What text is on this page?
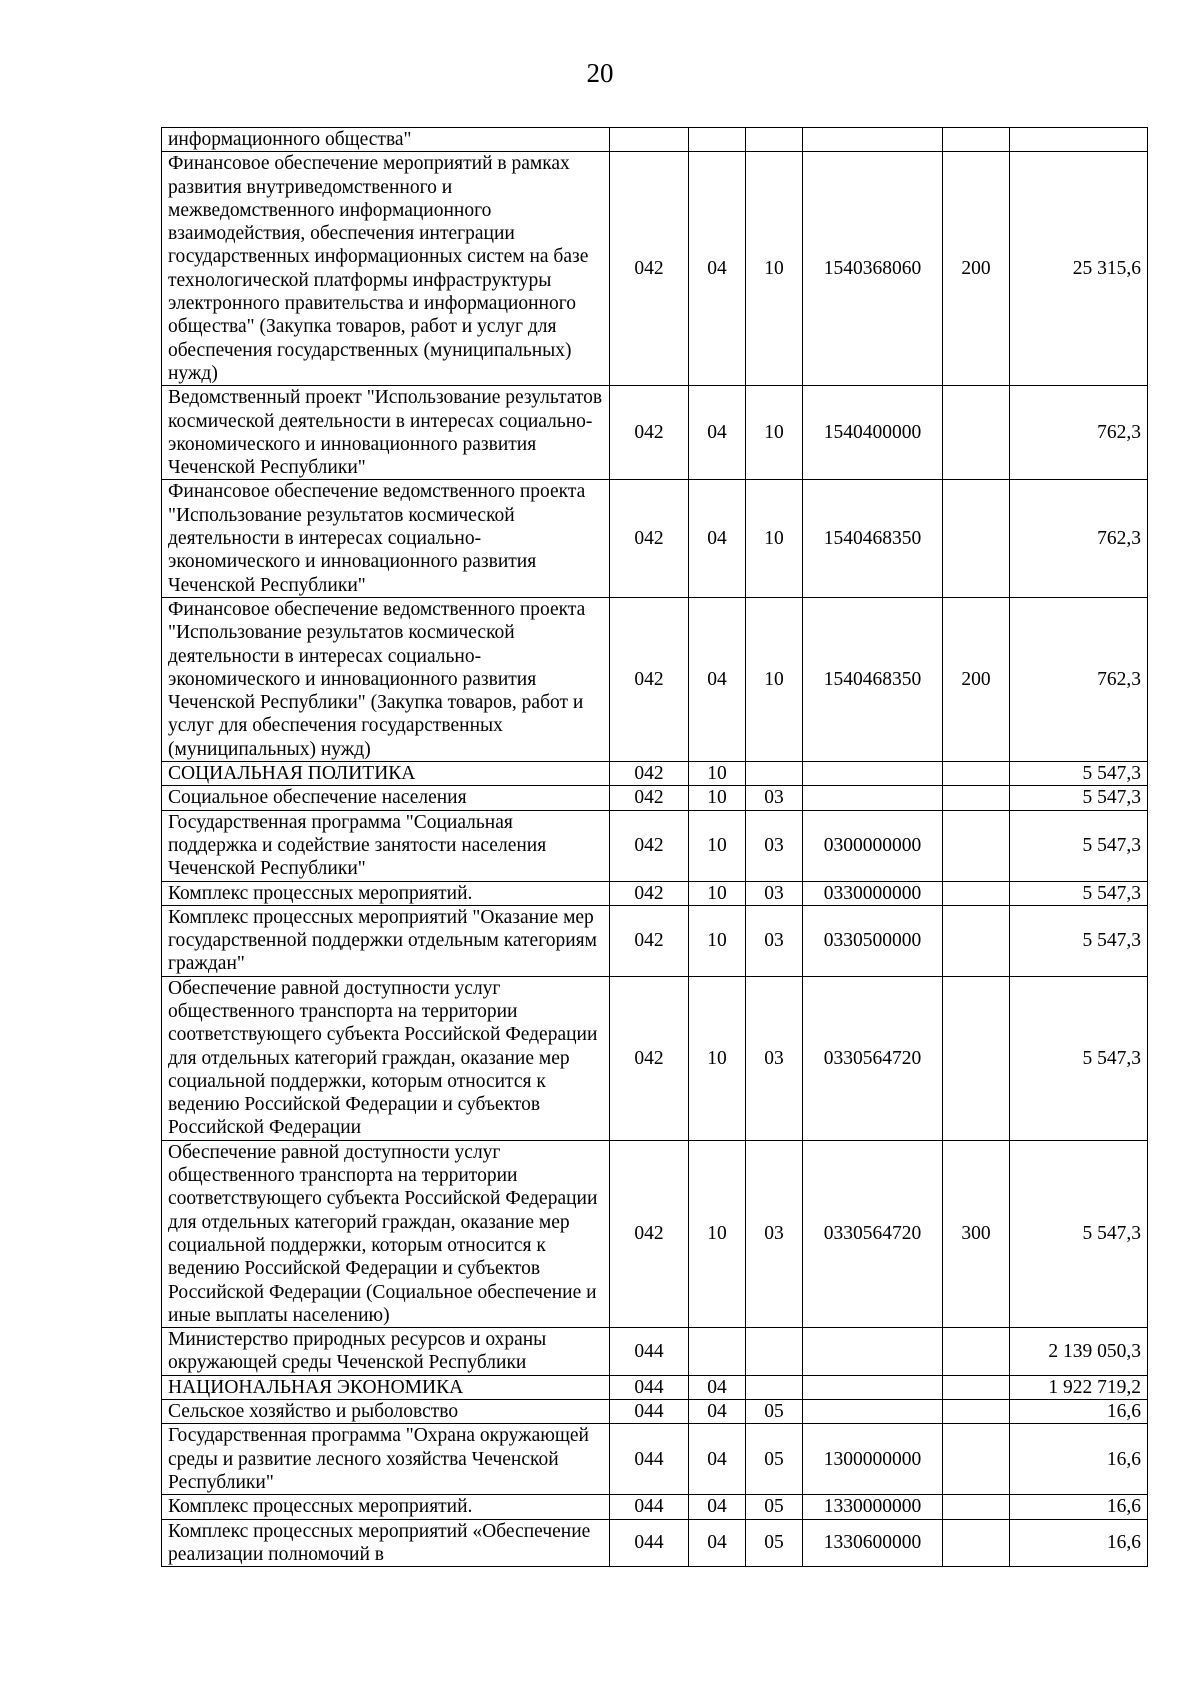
20
информационного общества"						
Финансовое обеспечение мероприятий в рамках развития внутриведомственного и межведомственного информационного взаимодействия, обеспечения интеграции государственных информационных систем на базе технологической платформы инфраструктуры электронного правительства и информационного общества" (Закупка товаров, работ и услуг для обеспечения государственных (муниципальных) нужд)	042	04	10	1540368060	200	25 315,6
Ведомственный проект "Использование результатов космической деятельности в интересах социально-экономического и инновационного развития Чеченской Республики"	042	04	10	1540400000		762,3
Финансовое обеспечение ведомственного проекта "Использование результатов космической деятельности в интересах социально-экономического и инновационного развития Чеченской Республики"	042	04	10	1540468350		762,3
Финансовое обеспечение ведомственного проекта "Использование результатов космической деятельности в интересах социально-экономического и инновационного развития Чеченской Республики" (Закупка товаров, работ и услуг для обеспечения государственных (муниципальных) нужд)	042	04	10	1540468350	200	762,3
СОЦИАЛЬНАЯ ПОЛИТИКА	042	10				5 547,3
Социальное обеспечение населения	042	10	03			5 547,3
Государственная программа "Социальная поддержка и содействие занятости населения Чеченской Республики"	042	10	03	0300000000		5 547,3
Комплекс процессных мероприятий.	042	10	03	0330000000		5 547,3
Комплекс процессных мероприятий "Оказание мер государственной поддержки отдельным категориям граждан"	042	10	03	0330500000		5 547,3
Обеспечение равной доступности услуг общественного транспорта на территории соответствующего субъекта Российской Федерации для отдельных категорий граждан, оказание мер социальной поддержки, которым относится к ведению Российской Федерации и субъектов Российской Федерации	042	10	03	0330564720		5 547,3
Обеспечение равной доступности услуг общественного транспорта на территории соответствующего субъекта Российской Федерации для отдельных категорий граждан, оказание мер социальной поддержки, которым относится к ведению Российской Федерации и субъектов Российской Федерации (Социальное обеспечение и иные выплаты населению)	042	10	03	0330564720	300	5 547,3
Министерство природных ресурсов и охраны окружающей среды Чеченской Республики	044					2 139 050,3
НАЦИОНАЛЬНАЯ ЭКОНОМИКА	044	04				1 922 719,2
Сельское хозяйство и рыболовство	044	04	05			16,6
Государственная программа "Охрана окружающей среды и развитие лесного хозяйства Чеченской Республики"	044	04	05	1300000000		16,6
Комплекс процессных мероприятий.	044	04	05	1330000000		16,6
Комплекс процессных мероприятий «Обеспечение реализации полномочий в	044	04	05	1330600000		16,6
